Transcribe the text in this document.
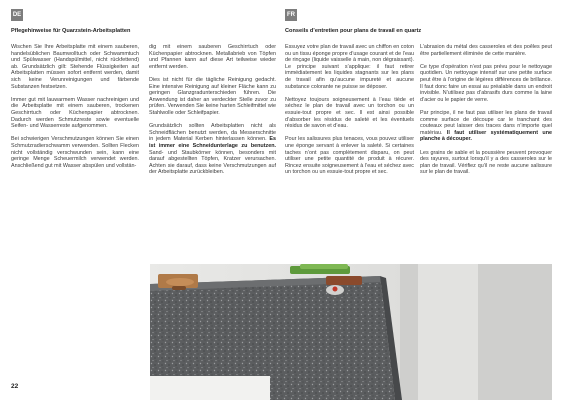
DE	FR
Pflegehinweise für Quarzstein-Arbeitsplatten	Conseils d’entretien pour plans de travail en quartz

Wischen Sie Ihre Arbeitsplatte mit einem sauberen, handelsüblichen Baumwolltuch oder Schwammtuch und Spülwasser (Handspülmittel, nicht rückfettend) ab. Grundsätzlich gilt: Stehende Flüssigkeiten auf Arbeitsplatten müssen sofort entfernt werden, damit sich keine Verunreinigungen und färbende Substanzen festsetzen.

Immer gut mit lauwarmem Wasser nachreinigen und die Arbeitsplatte mit einem sauberen, trockenen Geschirrtuch oder Küchenpapier abtrocknen. Dadurch werden Schmutzreste sowie eventuelle Seifen- und Wasserreste aufgenommen.

Bei schwierigen Verschmutzungen können Sie einen Schmutzradierschwamm verwenden. Sollten Flecken nicht vollständig verschwunden sein, kann eine geringe Menge Scheuermilch verwendet werden. Anschließend gut mit Wasser abspülen und vollstän-

dig mit einem sauberen Geschirrtuch oder Küchenpapier abtrocknen. Metallabrieb von Töpfen und Pfannen kann auf diese Art teilweise wieder entfernt werden.

Dies ist nicht für die tägliche Reinigung gedacht. Eine intensive Reinigung auf kleiner Fläche kann zu geringen Glanzgradunterschieden führen. Die Anwendung ist daher an verdeckter Stelle zuvor zu prüfen. Verwenden Sie keine harten Schleifmittel wie Stahlwolle oder Schleifpapier.

Grundsätzlich sollten Arbeitsplatten nicht als Schneidflächen benutzt werden, da Messerschnitte in jedem Material Kerben hinterlassen können. Es ist immer eine Schneidunterlage zu benutzen. Sand- und Staubkörner können, besonders mit darauf abgestellten Töpfen, Kratzer verursachen. Achten sie darauf, dass keine Verschmutzungen auf der Arbeitsplatte zurückbleiben.

Essuyez votre plan de travail avec un chiffon en coton ou un tissu éponge propre d’usage courant et de l’eau de rinçage (liquide vaisselle à main, non dégraissant). Le principe suivant s’applique: il faut retirer immédiatement les liquides stagnants sur les plans de travail afin qu’aucune impureté et aucune substance colorante ne puisse se déposer.

Nettoyez toujours soigneusement à l’eau tiède et séchez le plan de travail avec un torchon ou un essuie-tout propre et sec. Il est ainsi possible d’absorber les résidus de saleté et les éventuels résidus de savon et d’eau.

Pour les salissures plus tenaces, vous pouvez utiliser une éponge servant à enlever la saleté. Si certaines taches n’ont pas complètement disparu, on peut utiliser une petite quantité de produit à récurer. Rincez ensuite soigneusement à l’eau et séchez avec un torchon ou un essuie-tout propre et sec.

L’abrasion du métal des casseroles et des poêles peut être partiellement éliminée de cette manière.

Ce type d’opération n’est pas prévu pour le nettoyage quotidien. Un nettoyage intensif sur une petite surface peut être à l’origine de légères différences de brillance. Il faut donc faire un essai au préalable dans un endroit invisible. N’utilisez pas d’abrasifs durs comme la laine d’acier ou le papier de verre.

Par principe, il ne faut pas utiliser les plans de travail comme surface de découpe car le tranchant des couteaux peut laisser des traces dans n’importe quel matériau. Il faut utiliser systématiquement une planche à découper.

Les grains de sable et la poussière peuvent provoquer des rayures, surtout lorsqu’il y a des casseroles sur le plan de travail. Vérifiez qu’il ne reste aucune salissure sur le plan de travail.

22
